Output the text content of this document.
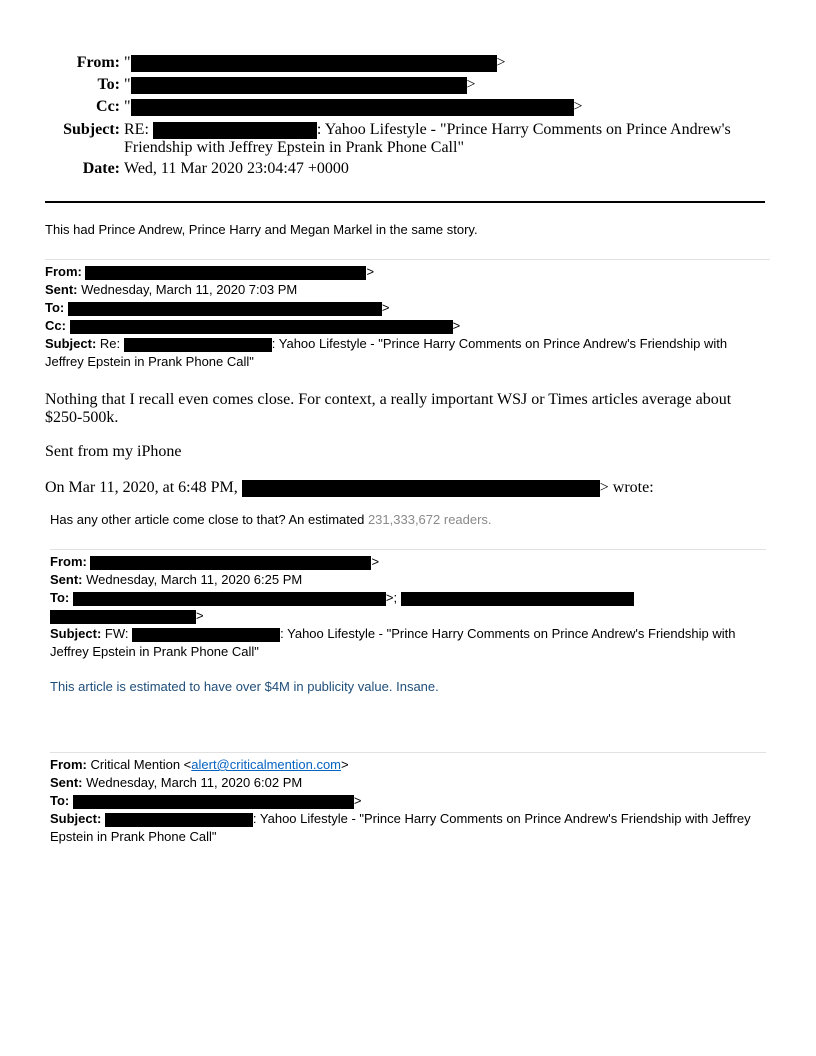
From: "	>
To: "	>
Cc: "	>
Subject: RE:	: Yahoo Lifestyle - "Prince Harry Comments on Prince Andrew's
Friendship with Jeffrey Epstein in Prank Phone Call"
Date: Wed, 11 Mar 2020 23:04:47 +0000
This had Prince Andrew, Prince Harry and Megan Markel in the same story.
From:	>
Sent: Wednesday, March 11, 2020 7:03 PM
To:	>
Cc:	>
Subject: Re:	: Yahoo Lifestyle - "Prince Harry Comments on Prince Andrew's Friendship with
Jeffrey Epstein in Prank Phone Call"
Nothing that I recall even comes close. For context, a really important WSJ or Times articles average about
$250-500k.
Sent from my iPhone
On Mar 11, 2020, at 6:48 PM,	> wrote:
Has any other article come close to that? An estimated 231,333,672 readers.
From:	>
Sent: Wednesday, March 11, 2020 6:25 PM
To:	>;
>
Subject: FW:	: Yahoo Lifestyle - "Prince Harry Comments on Prince Andrew's Friendship with
Jeffrey Epstein in Prank Phone Call"
This article is estimated to have over $4M in publicity value. Insane.
From: Critical Mention <alert@criticalmention.com>
Sent: Wednesday, March 11, 2020 6:02 PM
To:	>
Subject:	: Yahoo Lifestyle - "Prince Harry Comments on Prince Andrew's Friendship with Jeffrey
Epstein in Prank Phone Call"
